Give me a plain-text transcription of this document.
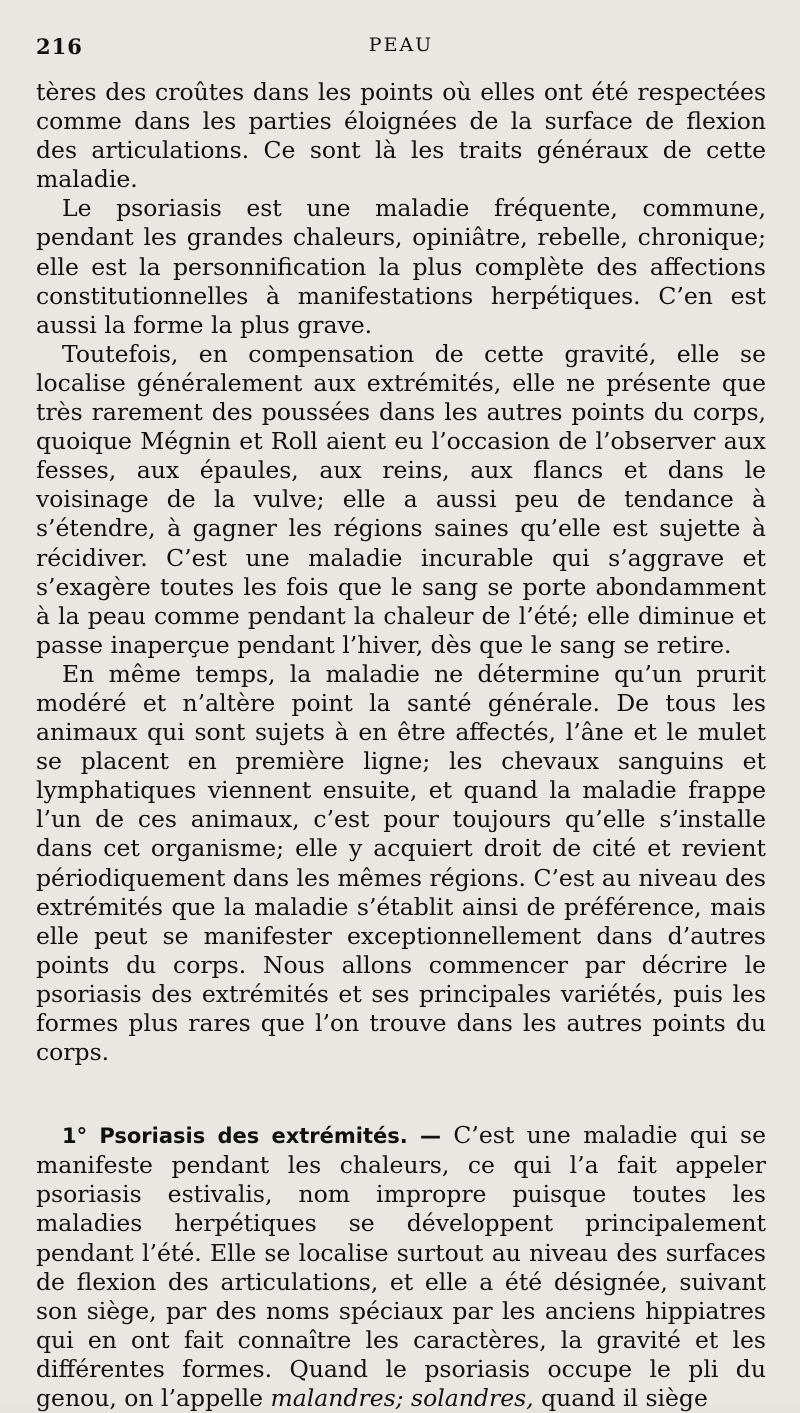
216	PEAU

tères des croûtes dans les points où elles ont été respectées comme dans les parties éloignées de la surface de flexion des articulations. Ce sont là les traits généraux de cette maladie.

Le psoriasis est une maladie fréquente, commune, pendant les grandes chaleurs, opiniâtre, rebelle, chronique; elle est la personnification la plus complète des affections constitutionnelles à manifestations herpétiques. C’en est aussi la forme la plus grave.

Toutefois, en compensation de cette gravité, elle se localise généralement aux extrémités, elle ne présente que très rarement des poussées dans les autres points du corps, quoique Mégnin et Roll aient eu l’occasion de l’observer aux fesses, aux épaules, aux reins, aux flancs et dans le voisinage de la vulve; elle a aussi peu de tendance à s’étendre, à gagner les régions saines qu’elle est sujette à récidiver. C’est une maladie incurable qui s’aggrave et s’exagère toutes les fois que le sang se porte abondamment à la peau comme pendant la chaleur de l’été; elle diminue et passe inaperçue pendant l’hiver, dès que le sang se retire.

En même temps, la maladie ne détermine qu’un prurit modéré et n’altère point la santé générale. De tous les animaux qui sont sujets à en être affectés, l’âne et le mulet se placent en première ligne; les chevaux sanguins et lymphatiques viennent ensuite, et quand la maladie frappe l’un de ces animaux, c’est pour toujours qu’elle s’installe dans cet organisme; elle y acquiert droit de cité et revient périodiquement dans les mêmes régions. C’est au niveau des extrémités que la maladie s’établit ainsi de préférence, mais elle peut se manifester exceptionnellement dans d’autres points du corps. Nous allons commencer par décrire le psoriasis des extrémités et ses principales variétés, puis les formes plus rares que l’on trouve dans les autres points du corps.

1° Psoriasis des extrémités. — C’est une maladie qui se manifeste pendant les chaleurs, ce qui l’a fait appeler psoriasis estivalis, nom impropre puisque toutes les maladies herpétiques se développent principalement pendant l’été. Elle se localise surtout au niveau des surfaces de flexion des articulations, et elle a été désignée, suivant son siège, par des noms spéciaux par les anciens hippiatres qui en ont fait connaître les caractères, la gravité et les différentes formes. Quand le psoriasis occupe le pli du genou, on l’appelle malandres; solandres, quand il siège
